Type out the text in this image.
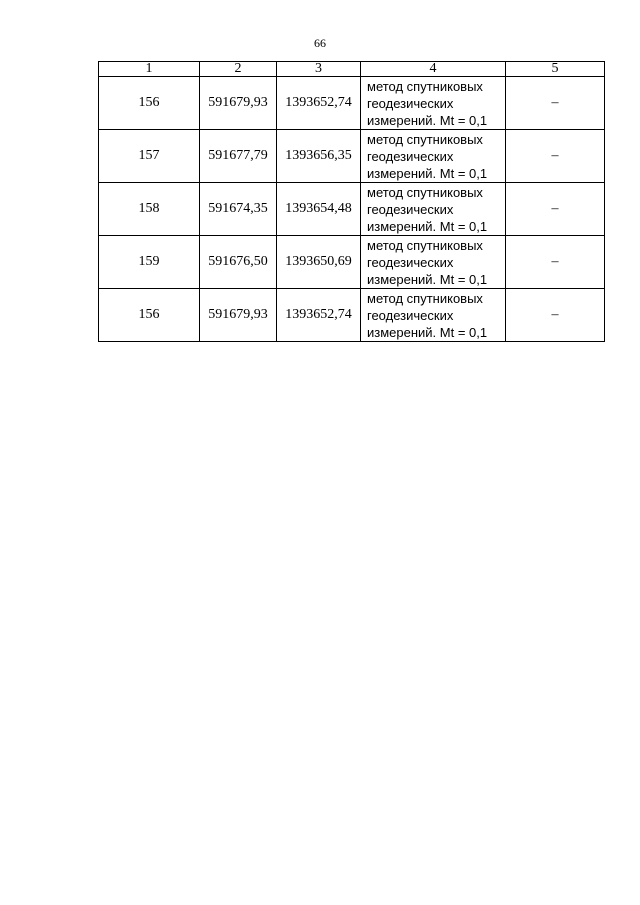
66
1	2	3	4	5
156	591679,93	1393652,74	метод спутниковых
геодезических
измерений. Mt = 0,1	–
157	591677,79	1393656,35	метод спутниковых
геодезических
измерений. Mt = 0,1	–
158	591674,35	1393654,48	метод спутниковых
геодезических
измерений. Mt = 0,1	–
159	591676,50	1393650,69	метод спутниковых
геодезических
измерений. Mt = 0,1	–
156	591679,93	1393652,74	метод спутниковых
геодезических
измерений. Mt = 0,1	–
